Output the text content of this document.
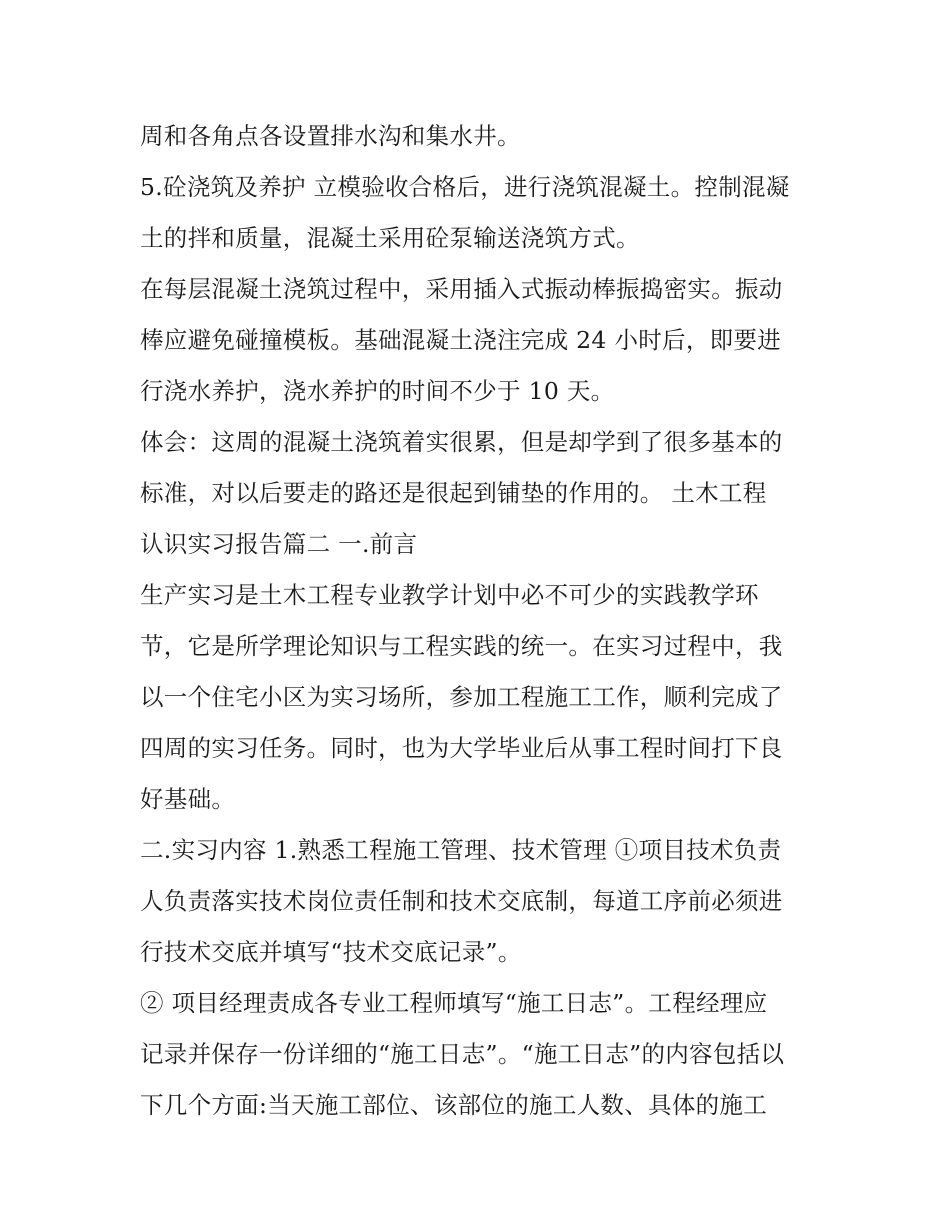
周和各角点各设置排水沟和集水井。
5.砼浇筑及养护 立模验收合格后，进行浇筑混凝土。控制混凝
土的拌和质量，混凝土采用砼泵输送浇筑方式。
在每层混凝土浇筑过程中，采用插入式振动棒振捣密实。振动
棒应避免碰撞模板。基础混凝土浇注完成 24 小时后，即要进
行浇水养护，浇水养护的时间不少于 10 天。
体会：这周的混凝土浇筑着实很累，但是却学到了很多基本的
标准，对以后要走的路还是很起到铺垫的作用的。 土木工程
认识实习报告篇二 一.前言
生产实习是土木工程专业教学计划中必不可少的实践教学环
节，它是所学理论知识与工程实践的统一。在实习过程中，我
以一个住宅小区为实习场所，参加工程施工工作，顺利完成了
四周的实习任务。同时，也为大学毕业后从事工程时间打下良
好基础。
二.实习内容 1.熟悉工程施工管理、技术管理 ①项目技术负责
人负责落实技术岗位责任制和技术交底制，每道工序前必须进
行技术交底并填写“技术交底记录”。
② 项目经理责成各专业工程师填写“施工日志”。工程经理应
记录并保存一份详细的“施工日志”。“施工日志”的内容包括以
下几个方面:当天施工部位、该部位的施工人数、具体的施工
